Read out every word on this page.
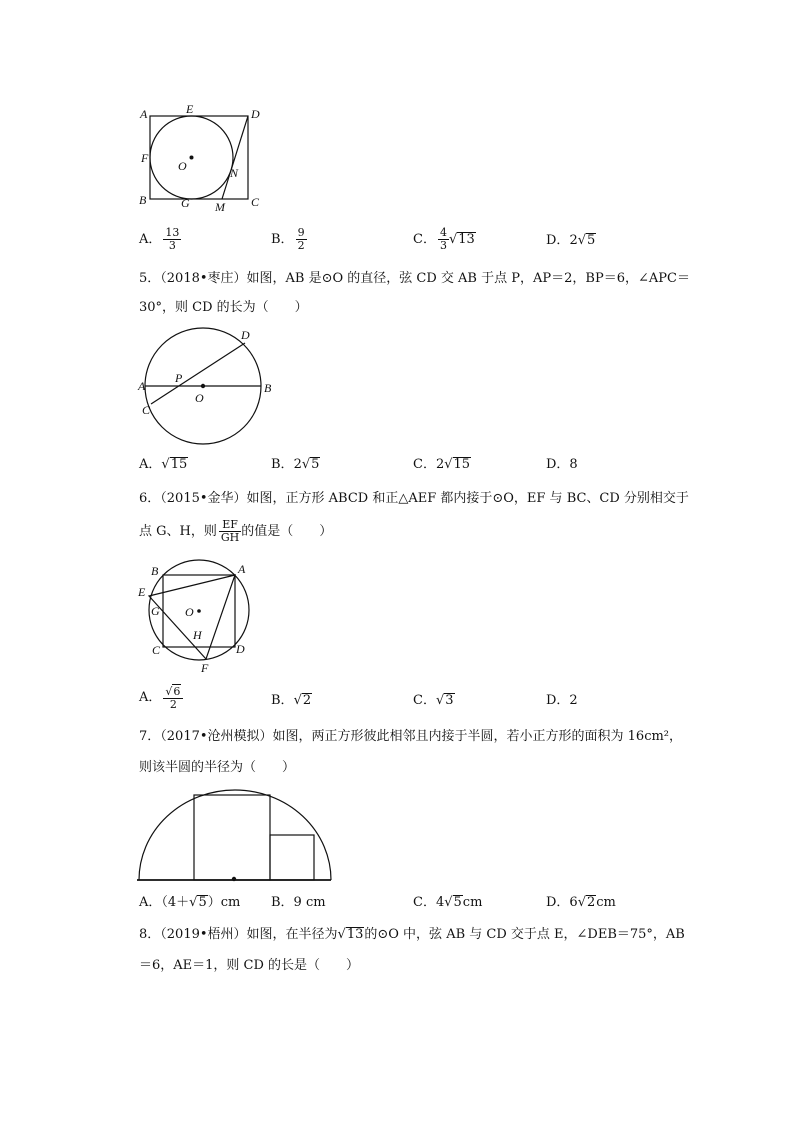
A	E	D
F
O	N
B	G M C
A． $\frac{13}{3}$	B． $\frac{9}{2}$	C． $\frac{4}{3} √13$	D．2√5
5．（2018•枣庄）如图，AB 是⊙O 的直径，弦 CD 交 AB 于点 P，AP＝2，BP＝6，∠APC＝
30°，则 CD 的长为（　　）
D
A
P
O
B
C
A．√15	B．2√5	C．2√15	D．8
6．（2015•金华）如图，正方形 ABCD 和正△AEF 都内接于⊙O，EF 与 BC、CD 分别相交于
点 G、H，则 $\frac{EF}{GH}$ 的值是（　　）
B	A
E
G O
H
C
F
D
A． $\frac{√6}{2}$	B．√2	C．√3	D．2
7．（2017•沧州模拟）如图，两正方形彼此相邻且内接于半圆，若小正方形的面积为 16cm²，
则该半圆的半径为（　　）
A．（4＋√5）cm B．9 cm	C．4√5cm	D．6√2cm
8．（2019•梧州）如图，在半径为√13的⊙O 中，弦 AB 与 CD 交于点 E，∠DEB＝75°，AB
＝6，AE＝1，则 CD 的长是（　　）
